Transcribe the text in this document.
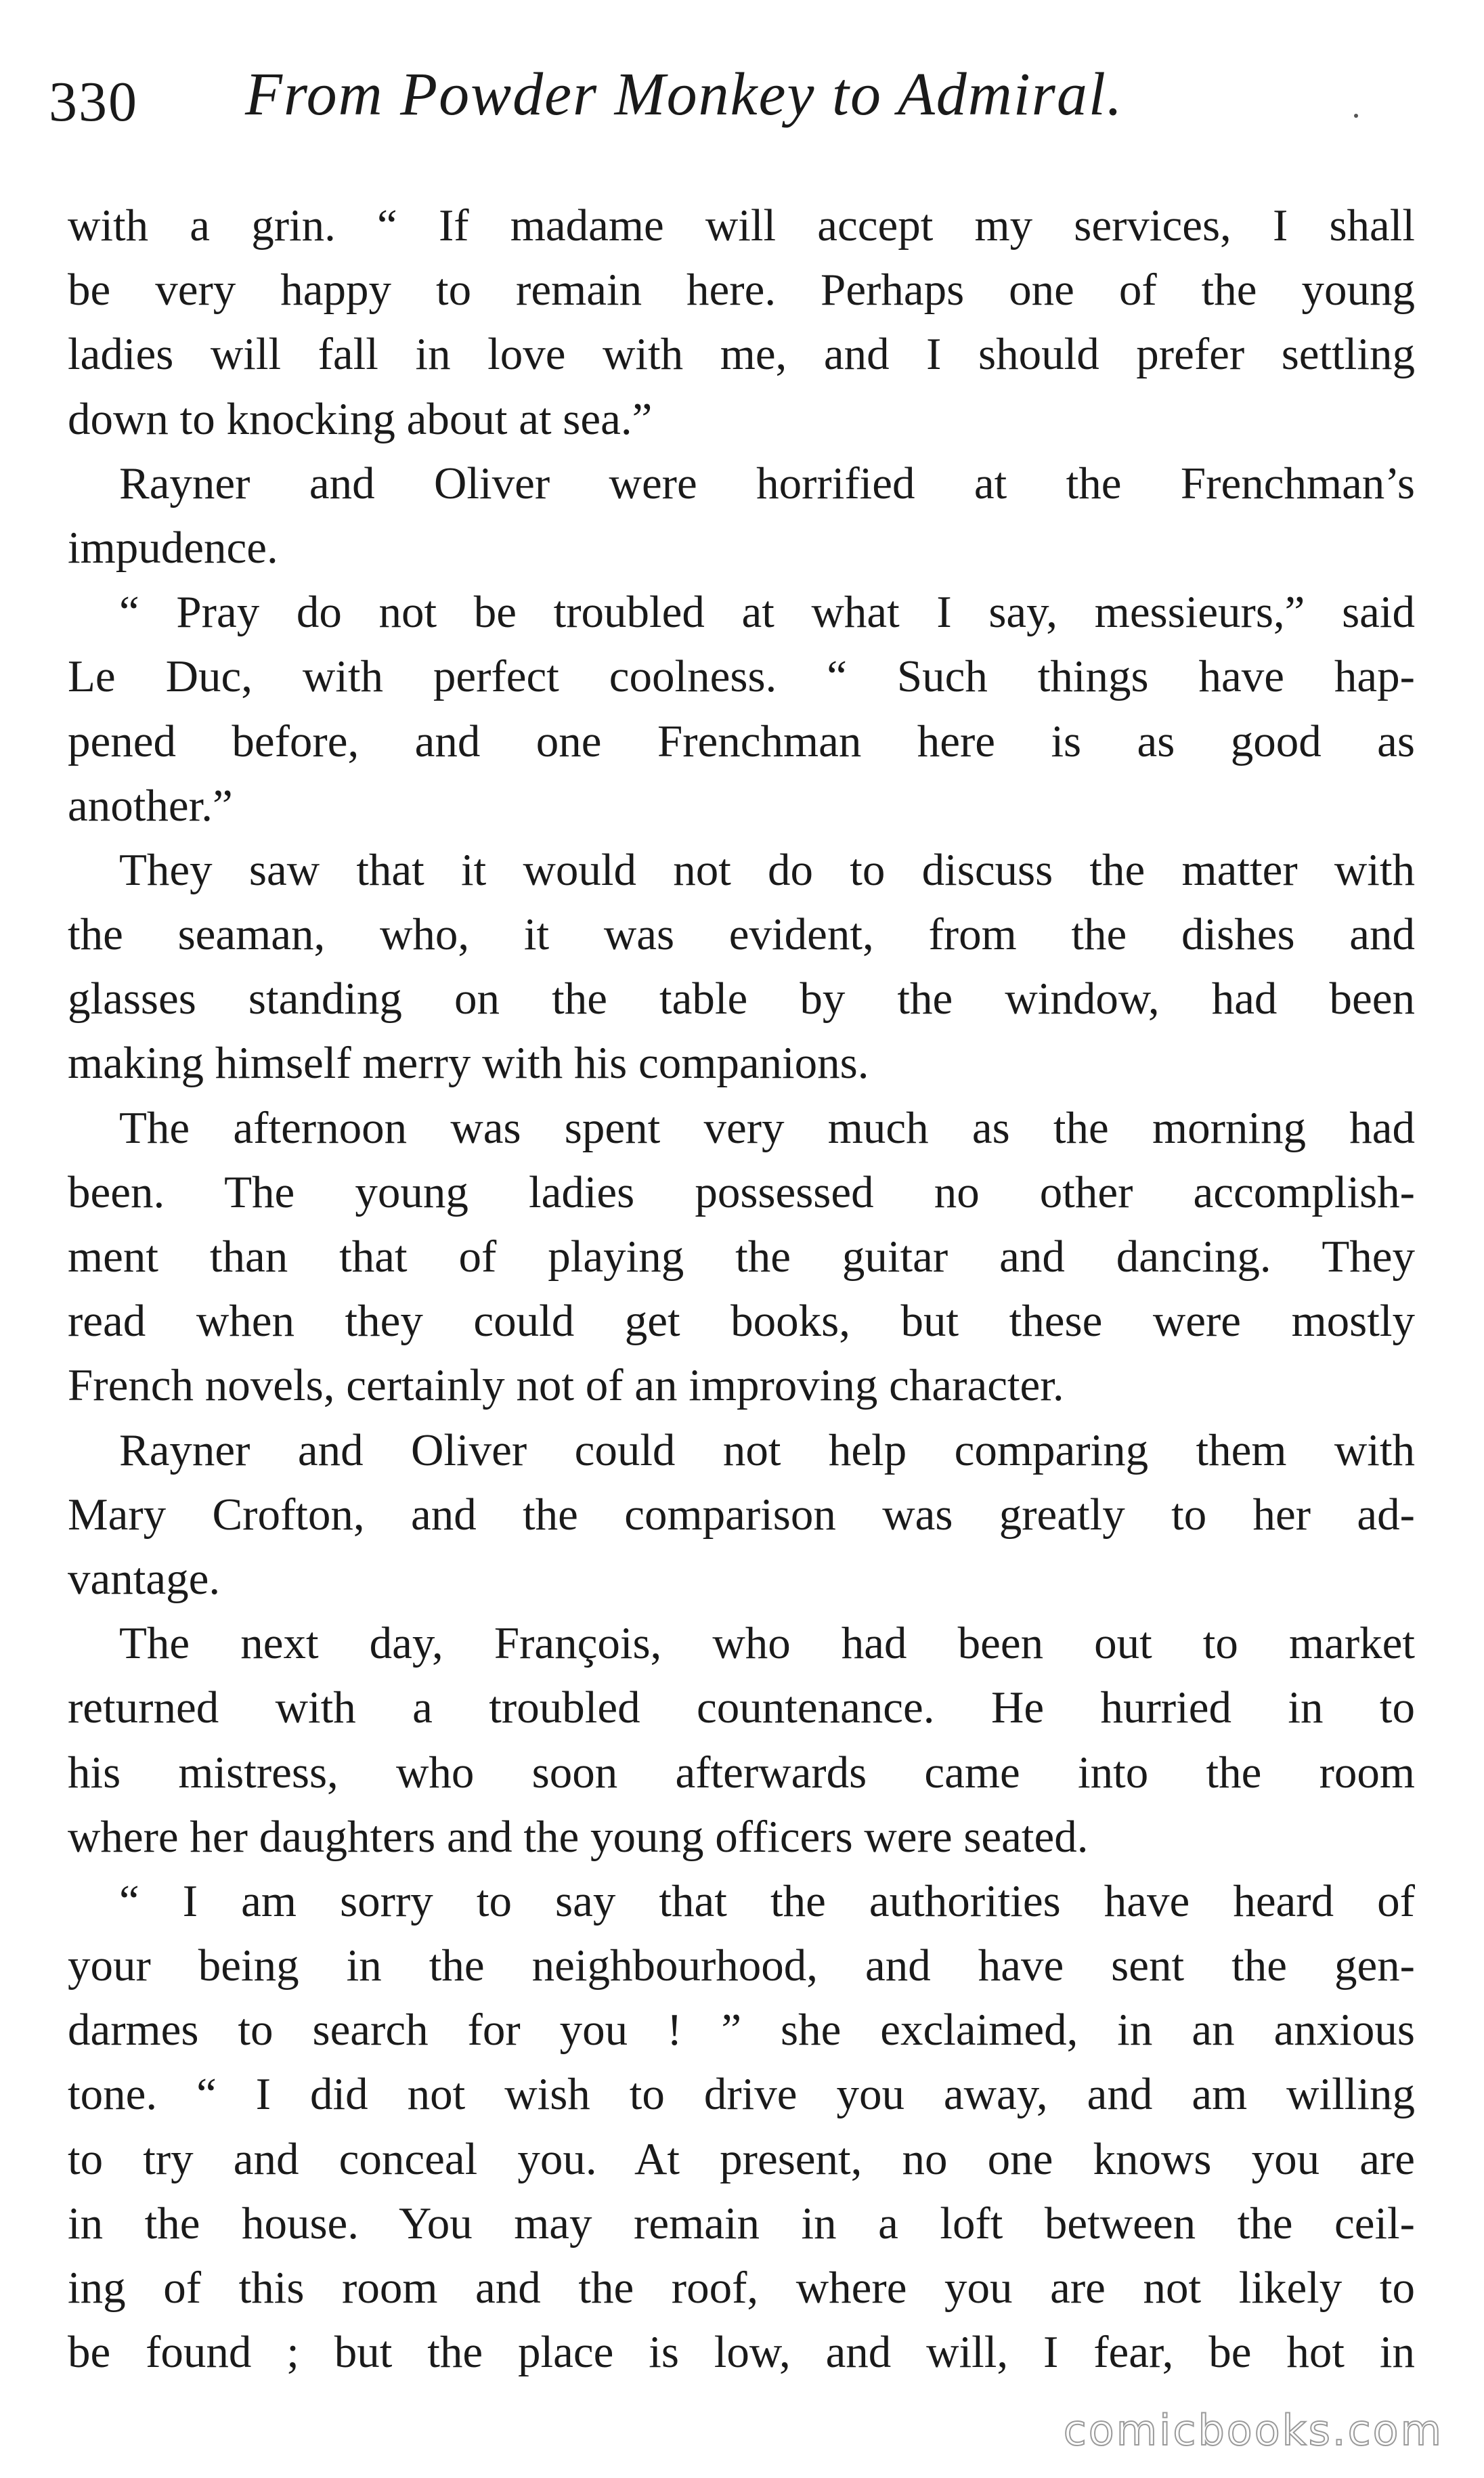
330 From Powder Monkey to Admiral.
with a grin. “ If madame will accept my services, I shall
be very happy to remain here. Perhaps one of the young
ladies will fall in love with me, and I should prefer settling
down to knocking about at sea.”
Rayner and Oliver were horrified at the Frenchman’s
impudence.
“ Pray do not be troubled at what I say, messieurs,” said
Le Duc, with perfect coolness. “ Such things have hap-
pened before, and one Frenchman here is as good as
another.”
They saw that it would not do to discuss the matter with
the seaman, who, it was evident, from the dishes and
glasses standing on the table by the window, had been
making himself merry with his companions.
The afternoon was spent very much as the morning had
been. The young ladies possessed no other accomplish-
ment than that of playing the guitar and dancing. They
read when they could get books, but these were mostly
French novels, certainly not of an improving character.
Rayner and Oliver could not help comparing them with
Mary Crofton, and the comparison was greatly to her ad-
vantage.
The next day, François, who had been out to market
returned with a troubled countenance. He hurried in to
his mistress, who soon afterwards came into the room
where her daughters and the young officers were seated.
“ I am sorry to say that the authorities have heard of
your being in the neighbourhood, and have sent the gen-
darmes to search for you ! ” she exclaimed, in an anxious
tone. “ I did not wish to drive you away, and am willing
to try and conceal you. At present, no one knows you are
in the house. You may remain in a loft between the ceil-
ing of this room and the roof, where you are not likely to
be found ; but the place is low, and will, I fear, be hot in
comicbooks.com
